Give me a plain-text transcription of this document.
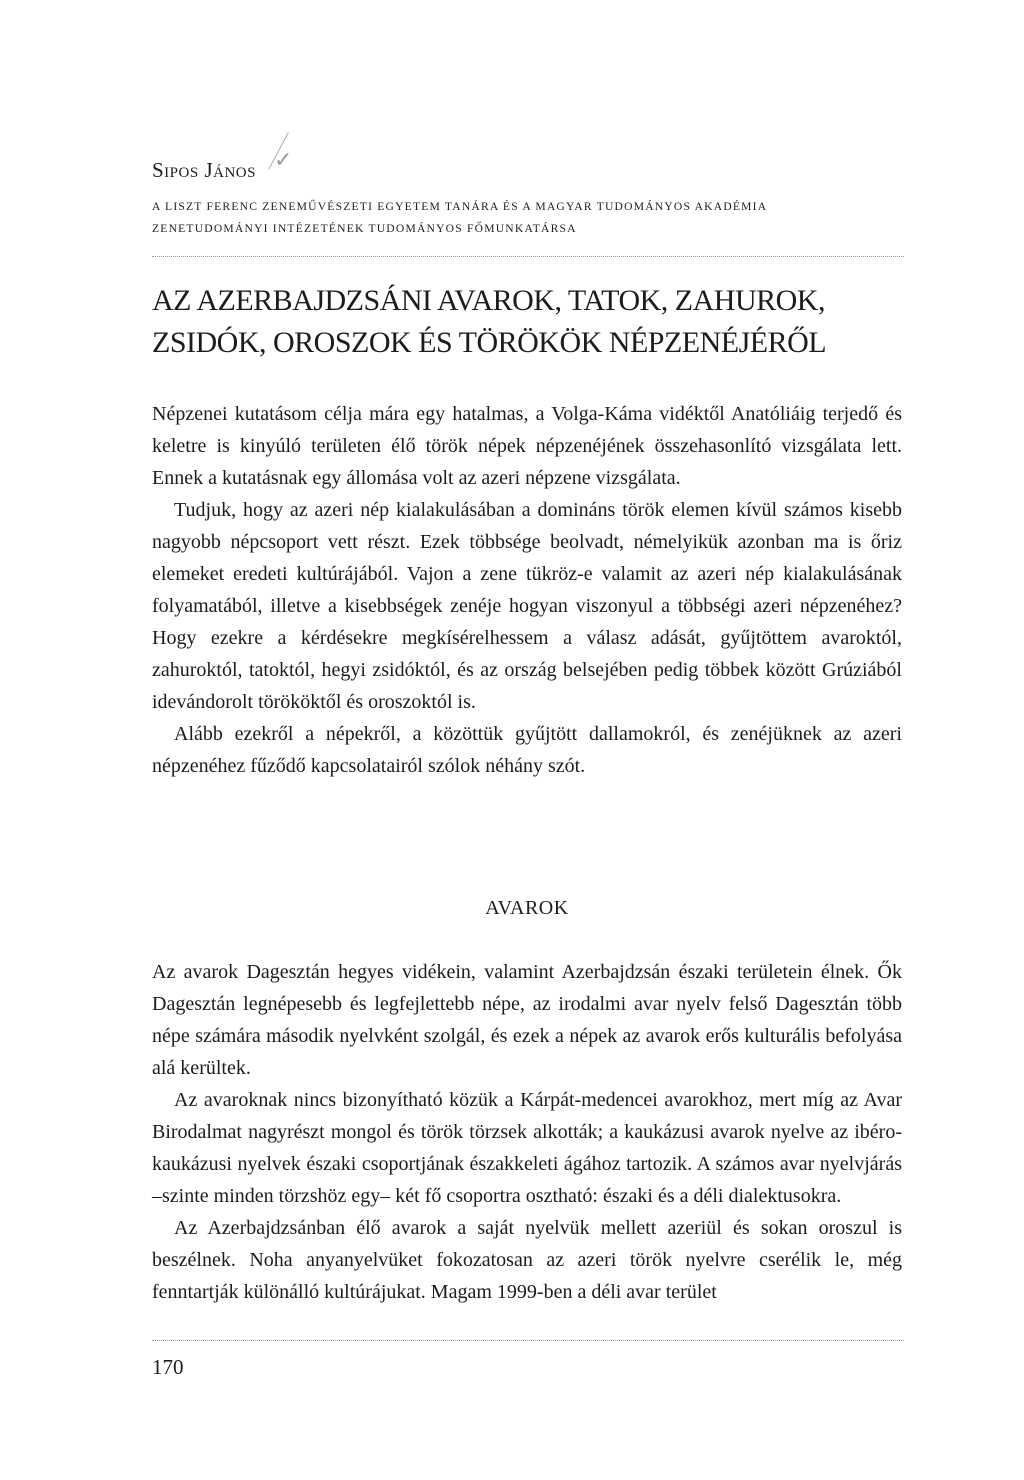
✓
Sipos János
A LISZT FERENC ZENEMŰVÉSZETI EGYETEM TANÁRA ÉS A MAGYAR TUDOMÁNYOS AKADÉMIA
ZENETUDOMÁNYI INTÉZETÉNEK TUDOMÁNYOS FŐMUNKATÁRSA
AZ AZERBAJDZSÁNI AVAROK, TATOK, ZAHUROK,
ZSIDÓK, OROSZOK ÉS TÖRÖKÖK NÉPZENÉJÉRŐL

Népzenei kutatásom célja mára egy hatalmas, a Volga-Káma vidéktől Anatóliáig terjedő és keletre is kinyúló területen élő török népek népzenéjének összehasonlító vizsgálata lett. Ennek a kutatásnak egy állomása volt az azeri népzene vizsgálata.

Tudjuk, hogy az azeri nép kialakulásában a domináns török elemen kívül számos kisebb nagyobb népcsoport vett részt. Ezek többsége beolvadt, némelyikük azonban ma is őriz elemeket eredeti kultúrájából. Vajon a zene tükröz-e valamit az azeri nép kialakulásának folyamatából, illetve a kisebbségek zenéje hogyan viszonyul a többségi azeri népzenéhez? Hogy ezekre a kérdésekre megkísérelhessem a válasz adását, gyűjtöttem avaroktól, zahuroktól, tatoktól, hegyi zsidóktól, és az ország belsejében pedig többek között Grúziából idevándorolt törököktől és oroszoktól is.

Alább ezekről a népekről, a közöttük gyűjtött dallamokról, és zenéjüknek az azeri népzenéhez fűződő kapcsolatairól szólok néhány szót.

AVAROK

Az avarok Dagesztán hegyes vidékein, valamint Azerbajdzsán északi területein élnek. Ők Dagesztán legnépesebb és legfejlettebb népe, az irodalmi avar nyelv felső Dagesztán több népe számára második nyelvként szolgál, és ezek a népek az avarok erős kulturális befolyása alá kerültek.

Az avaroknak nincs bizonyítható közük a Kárpát-medencei avarokhoz, mert míg az Avar Birodalmat nagyrészt mongol és török törzsek alkották; a kaukázusi avarok nyelve az ibéro-kaukázusi nyelvek északi csoportjának északkeleti ágához tartozik. A számos avar nyelvjárás –szinte minden törzshöz egy– két fő csoportra osztható: északi és a déli dialektusokra.

Az Azerbajdzsánban élő avarok a saját nyelvük mellett azeriül és sokan oroszul is beszélnek. Noha anyanyelvüket fokozatosan az azeri török nyelvre cserélik le, még fenntartják különálló kultúrájukat. Magam 1999-ben a déli avar terület

170
